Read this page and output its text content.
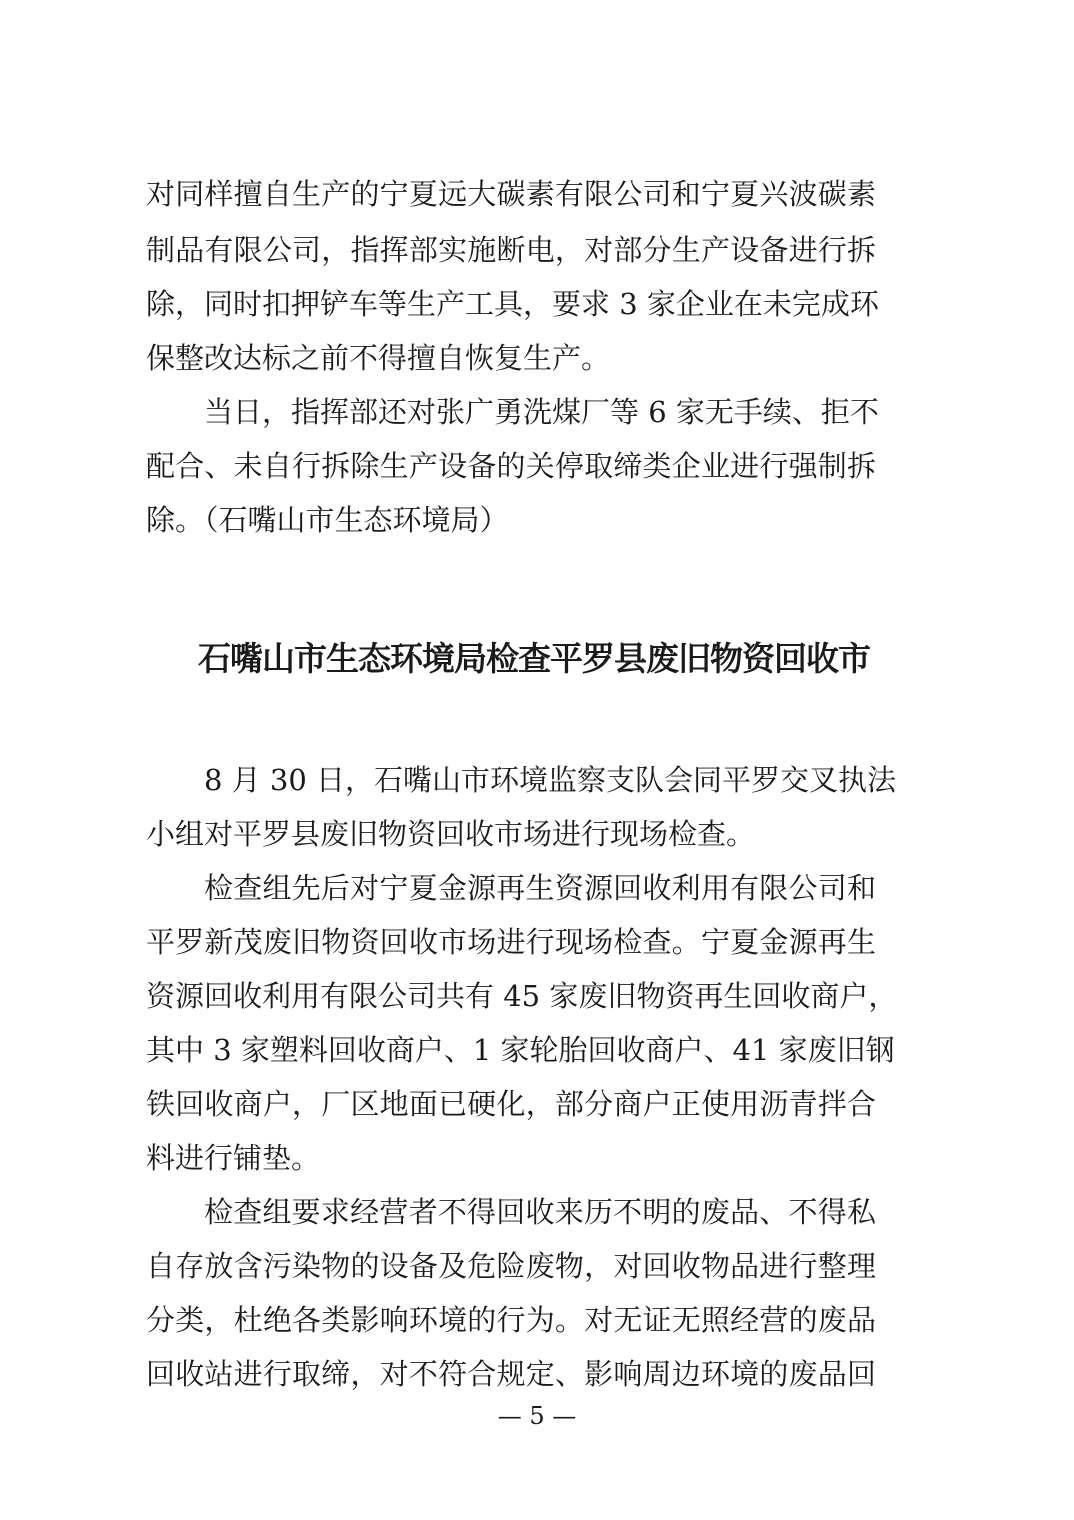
对同样擅自生产的宁夏远大碳素有限公司和宁夏兴波碳素
制品有限公司，指挥部实施断电，对部分生产设备进行拆
除，同时扣押铲车等生产工具，要求 3 家企业在未完成环
保整改达标之前不得擅自恢复生产。
当日，指挥部还对张广勇洗煤厂等 6 家无手续、拒不
配合、未自行拆除生产设备的关停取缔类企业进行强制拆
除。（石嘴山市生态环境局）
石嘴山市生态环境局检查平罗县废旧物资回收市
8 月 30 日，石嘴山市环境监察支队会同平罗交叉执法
小组对平罗县废旧物资回收市场进行现场检查。
检查组先后对宁夏金源再生资源回收利用有限公司和
平罗新茂废旧物资回收市场进行现场检查。宁夏金源再生
资源回收利用有限公司共有 45 家废旧物资再生回收商户，
其中 3 家塑料回收商户、1 家轮胎回收商户、41 家废旧钢
铁回收商户，厂区地面已硬化，部分商户正使用沥青拌合
料进行铺垫。
检查组要求经营者不得回收来历不明的废品、不得私
自存放含污染物的设备及危险废物，对回收物品进行整理
分类，杜绝各类影响环境的行为。对无证无照经营的废品
回收站进行取缔，对不符合规定、影响周边环境的废品回
— 5 —
